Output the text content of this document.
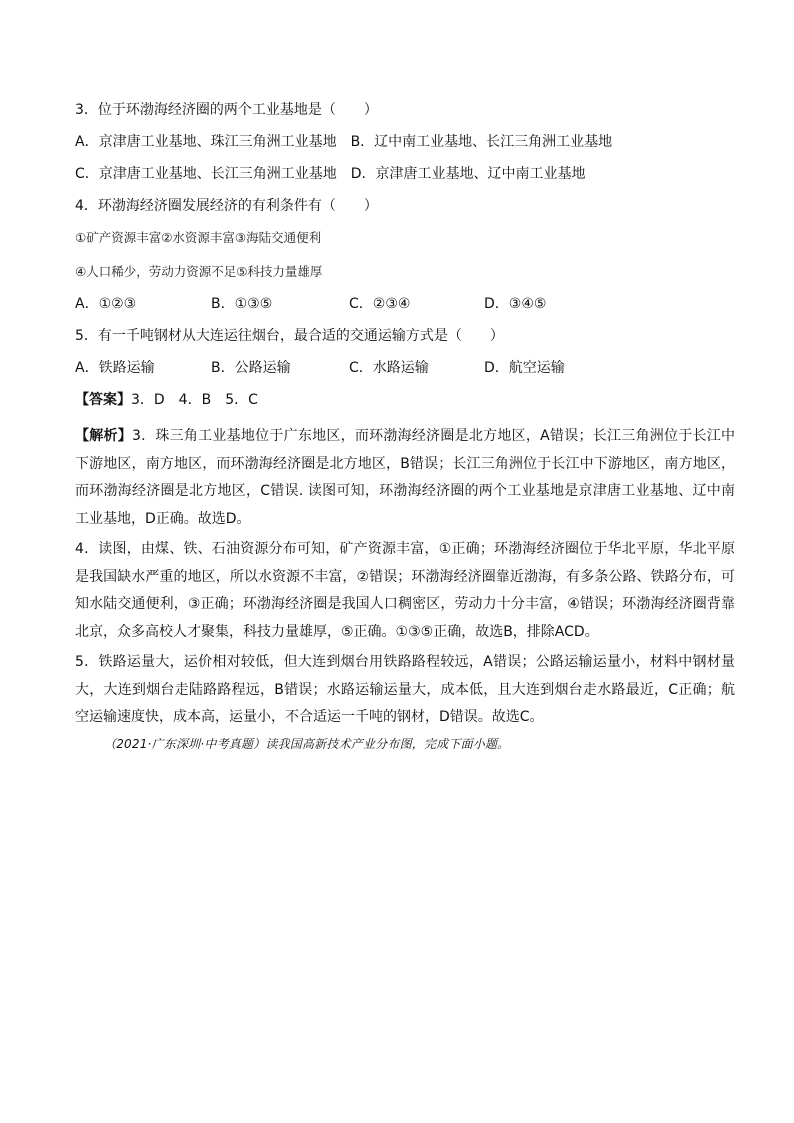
3．位于环渤海经济圈的两个工业基地是（　　）
A．京津唐工业基地、珠江三角洲工业基地 B．辽中南工业基地、长江三角洲工业基地
C．京津唐工业基地、长江三角洲工业基地 D．京津唐工业基地、辽中南工业基地
4．环渤海经济圈发展经济的有利条件有（　　）
①矿产资源丰富②水资源丰富③海陆交通便利
④人口稀少，劳动力资源不足⑤科技力量雄厚
A．①②③	B．①③⑤	C．②③④	D．③④⑤
5．有一千吨钢材从大连运往烟台，最合适的交通运输方式是（　　）
A．铁路运输	B．公路运输	C．水路运输	D．航空运输
【答案】3．D　4．B　5．C
【解析】3．珠三角工业基地位于广东地区，而环渤海经济圈是北方地区，A错误；长江三角洲位于长江中下游地区，南方地区，而环渤海经济圈是北方地区，B错误；长江三角洲位于长江中下游地区，南方地区，而环渤海经济圈是北方地区，C错误. 读图可知，环渤海经济圈的两个工业基地是京津唐工业基地、辽中南工业基地，D正确。故选D。
4．读图，由煤、铁、石油资源分布可知，矿产资源丰富，①正确；环渤海经济圈位于华北平原，华北平原是我国缺水严重的地区，所以水资源不丰富，②错误；环渤海经济圈靠近渤海，有多条公路、铁路分布，可知水陆交通便利，③正确；环渤海经济圈是我国人口稠密区，劳动力十分丰富，④错误；环渤海经济圈背靠北京，众多高校人才聚集，科技力量雄厚，⑤正确。①③⑤正确，故选B，排除ACD。
5．铁路运量大，运价相对较低，但大连到烟台用铁路路程较远，A错误；公路运输运量小，材料中钢材量大，大连到烟台走陆路路程远，B错误；水路运输运量大，成本低，且大连到烟台走水路最近，C正确；航空运输速度快，成本高，运量小，不合适运一千吨的钢材，D错误。故选C。
（2021·广东深圳·中考真题）读我国高新技术产业分布图，完成下面小题。
